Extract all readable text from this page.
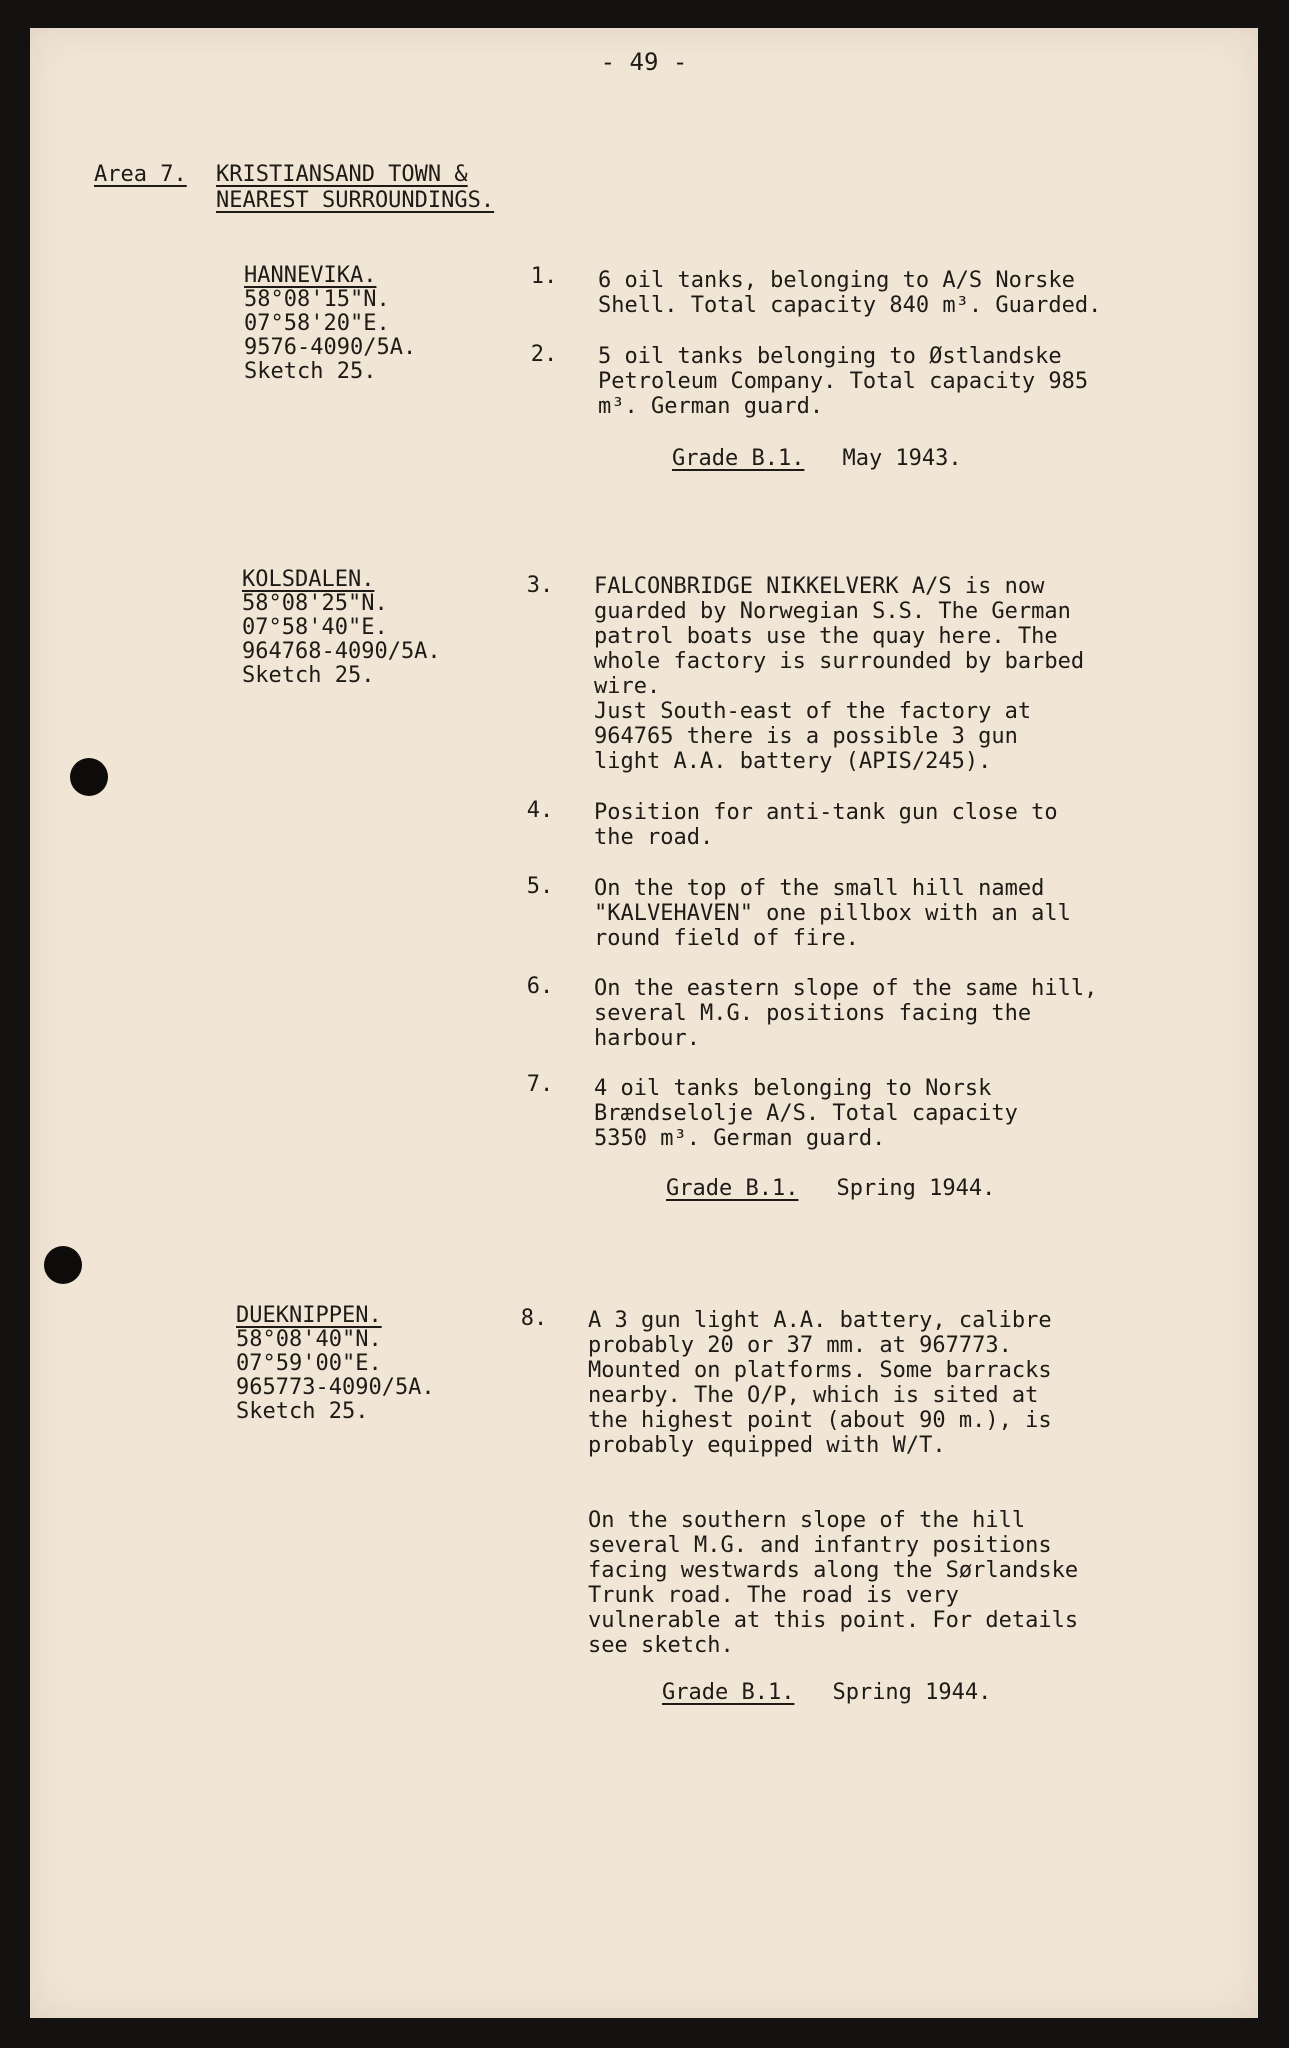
- 49 -
Area 7. KRISTIANSAND TOWN &
NEAREST SURROUNDINGS.
HANNEVIKA.
58°08'15"N.
07°58'20"E.
9576-4090/5A.
Sketch 25.
1.	6 oil tanks, belonging to A/S Norske
Shell. Total capacity 840 m³. Guarded.
2.	5 oil tanks belonging to Østlandske
Petroleum Company. Total capacity 985
m³. German guard.
Grade B.1. May 1943.
KOLSDALEN.
58°08'25"N.
07°58'40"E.
964768-4090/5A.
Sketch 25.
3.	FALCONBRIDGE NIKKELVERK A/S is now
guarded by Norwegian S.S. The German
patrol boats use the quay here. The
whole factory is surrounded by barbed
wire.
Just South-east of the factory at
964765 there is a possible 3 gun
light A.A. battery (APIS/245).
4.	Position for anti-tank gun close to
the road.
5.	On the top of the small hill named
"KALVEHAVEN" one pillbox with an all
round field of fire.
6.	On the eastern slope of the same hill,
several M.G. positions facing the
harbour.
7.	4 oil tanks belonging to Norsk
Brændselolje A/S. Total capacity
5350 m³. German guard.
Grade B.1. Spring 1944.
DUEKNIPPEN.
58°08'40"N.
07°59'00"E.
965773-4090/5A.
Sketch 25.
8.	A 3 gun light A.A. battery, calibre
probably 20 or 37 mm. at 967773.
Mounted on platforms. Some barracks
nearby. The O/P, which is sited at
the highest point (about 90 m.), is
probably equipped with W/T.
On the southern slope of the hill
several M.G. and infantry positions
facing westwards along the Sørlandske
Trunk road. The road is very
vulnerable at this point. For details
see sketch.
Grade B.1. Spring 1944.
